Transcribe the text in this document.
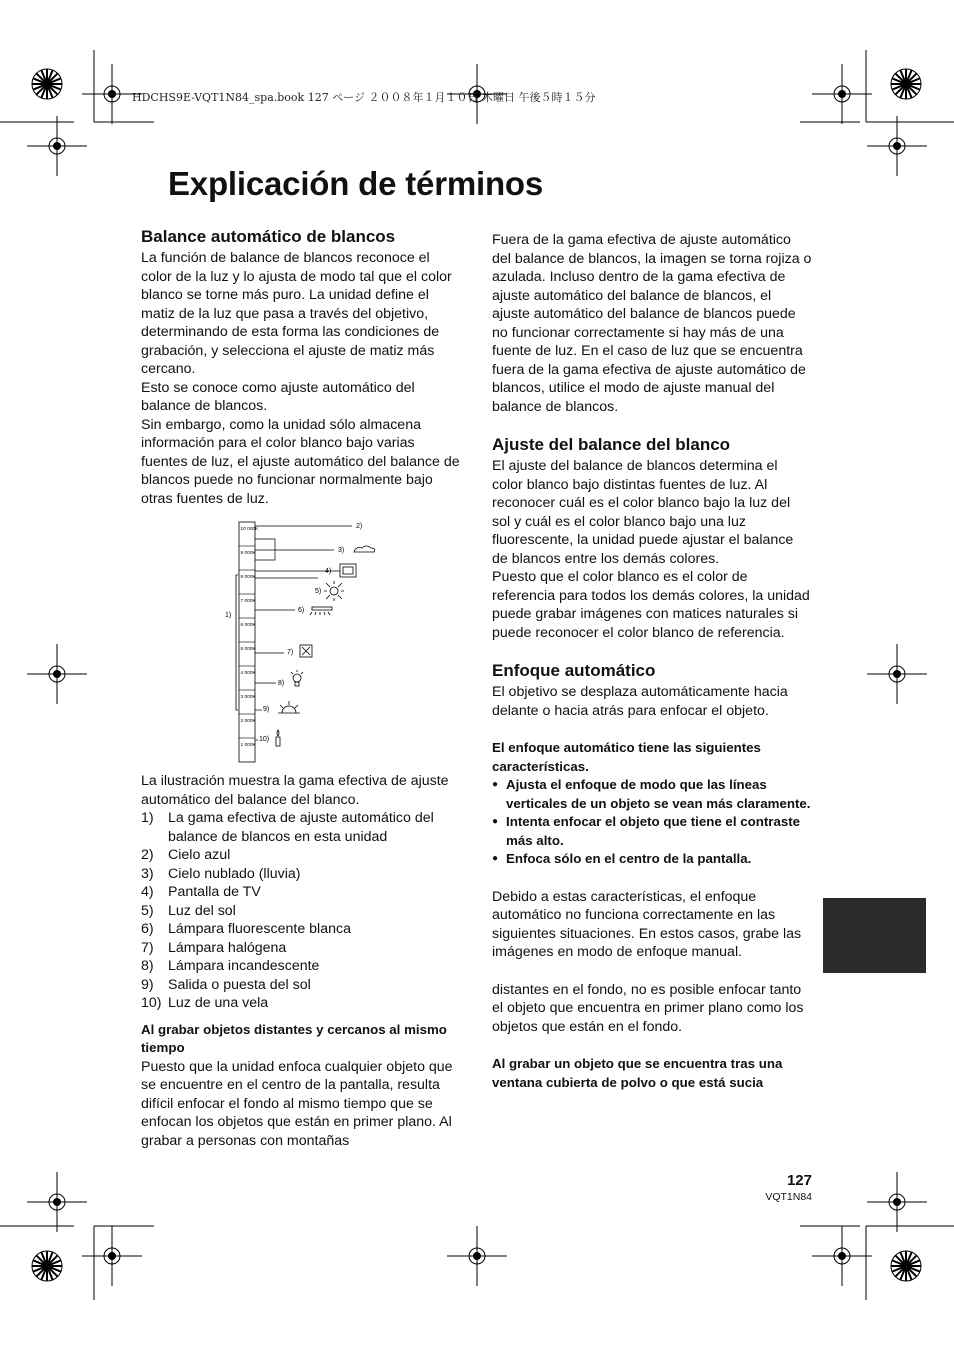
HDCHS9E-VQT1N84_spa.book 127 ページ ２００８年１月１０日 木曜日 午後５時１５分
Explicación de términos
Balance automático de blancos

La función de balance de blancos reconoce el color de la luz y lo ajusta de modo tal que el color blanco se torne más puro. La unidad define el matiz de la luz que pasa a través del objetivo, determinando de esta forma las condiciones de grabación, y selecciona el ajuste de matiz más cercano.

Esto se conoce como ajuste automático del balance de blancos.

Sin embargo, como la unidad sólo almacena información para el color blanco bajo varias fuentes de luz, el ajuste automático del balance de blancos puede no funcionar normalmente bajo otras fuentes de luz.

La ilustración muestra la gama efectiva de ajuste automático del balance del blanco.

1) La gama efectiva de ajuste automático del balance de blancos en esta unidad
2) Cielo azul
3) Cielo nublado (lluvia)
4) Pantalla de TV
5) Luz del sol
6) Lámpara fluorescente blanca
7) Lámpara halógena
8) Lámpara incandescente
9) Salida o puesta del sol
10) Luz de una vela

Al grabar objetos distantes y cercanos al mismo tiempo

Puesto que la unidad enfoca cualquier objeto que se encuentre en el centro de la pantalla, resulta difícil enfocar el fondo al mismo tiempo que se enfocan los objetos que están en primer plano. Al grabar a personas con montañas

10 000K
9 000K
8 000K
7 000K
6 000K
5 000K
4 000K
3 000K
2 000K
1 000K
1)
2)
3)
4)
5)
6)
7)
8)
9)
10)

Fuera de la gama efectiva de ajuste automático del balance de blancos, la imagen se torna rojiza o azulada. Incluso dentro de la gama efectiva de ajuste automático del balance de blancos, el ajuste automático del balance de blancos puede no funcionar correctamente si hay más de una fuente de luz. En el caso de luz que se encuentra fuera de la gama efectiva de ajuste automático de blancos, utilice el modo de ajuste manual del balance de blancos.

Ajuste del balance del blanco

El ajuste del balance de blancos determina el color blanco bajo distintas fuentes de luz. Al reconocer cuál es el color blanco bajo la luz del sol y cuál es el color blanco bajo una luz fluorescente, la unidad puede ajustar el balance de blancos entre los demás colores.

Puesto que el color blanco es el color de referencia para todos los demás colores, la unidad puede grabar imágenes con matices naturales si puede reconocer el color blanco de referencia.

Enfoque automático

El objetivo se desplaza automáticamente hacia delante o hacia atrás para enfocar el objeto.

El enfoque automático tiene las siguientes características.

● Ajusta el enfoque de modo que las líneas verticales de un objeto se vean más claramente.
● Intenta enfocar el objeto que tiene el contraste más alto.
● Enfoca sólo en el centro de la pantalla.

Debido a estas características, el enfoque automático no funciona correctamente en las siguientes situaciones. En estos casos, grabe las imágenes en modo de enfoque manual.

distantes en el fondo, no es posible enfocar tanto el objeto que encuentra en primer plano como los objetos que están en el fondo.

Al grabar un objeto que se encuentra tras una ventana cubierta de polvo o que está sucia

127
VQT1N84
